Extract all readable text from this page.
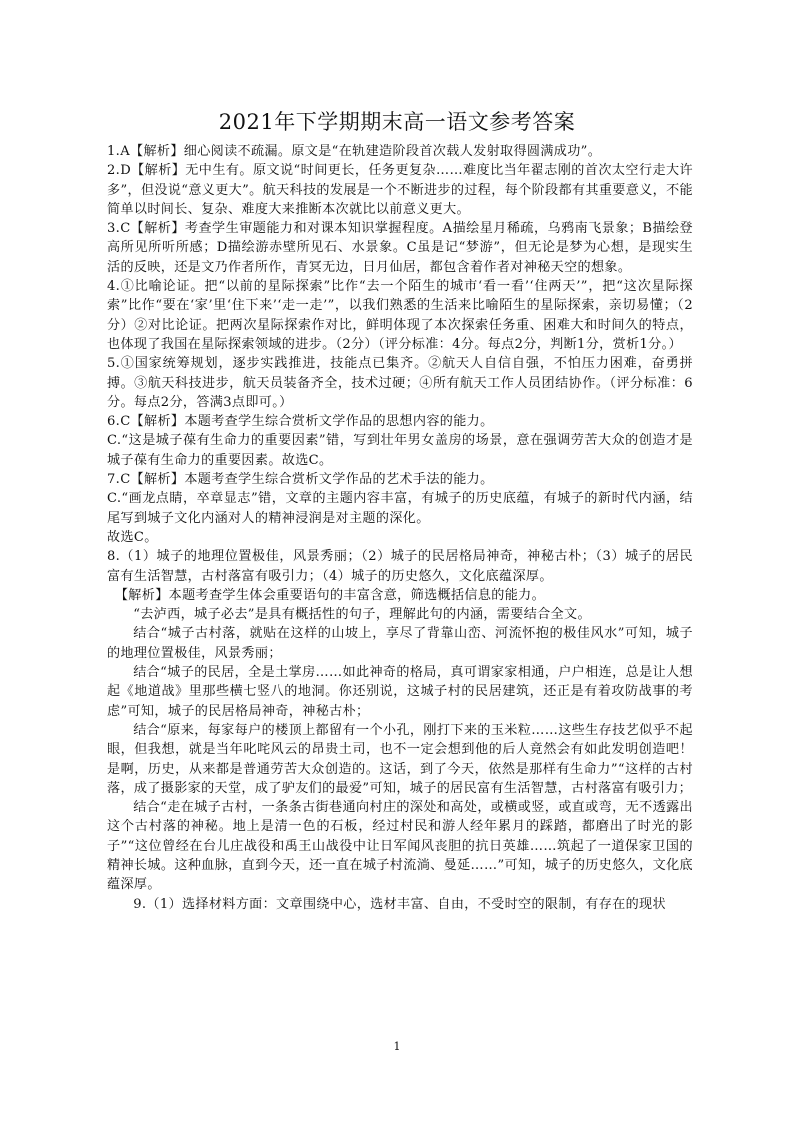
2021年下学期期末高一语文参考答案

1.A【解析】细心阅读不疏漏。原文是“在轨建造阶段首次载人发射取得圆满成功”。

2.D【解析】无中生有。原文说“时间更长，任务更复杂……难度比当年翟志刚的首次太空行走大许多”，但没说“意义更大”。航天科技的发展是一个不断进步的过程，每个阶段都有其重要意义，不能简单以时间长、复杂、难度大来推断本次就比以前意义更大。

3.C【解析】考查学生审题能力和对课本知识掌握程度。A描绘星月稀疏，乌鸦南飞景象；B描绘登高所见所听所感；D描绘游赤壁所见石、水景象。C虽是记“梦游”，但无论是梦为心想，是现实生活的反映，还是文乃作者所作，青冥无边，日月仙居，都包含着作者对神秘天空的想象。

4.①比喻论证。把“以前的星际探索”比作“去一个陌生的城市‘看一看’‘住两天’”，把“这次星际探索”比作“要在‘家’里‘住下来’‘走一走’”，以我们熟悉的生活来比喻陌生的星际探索，亲切易懂；（2分）②对比论证。把两次星际探索作对比，鲜明体现了本次探索任务重、困难大和时间久的特点，也体现了我国在星际探索领域的进步。（2分）（评分标准：4分。每点2分，判断1分，赏析1分。）

5.①国家统筹规划，逐步实践推进，技能点已集齐。②航天人自信自强，不怕压力困难，奋勇拼搏。③航天科技进步，航天员装备齐全，技术过硬；④所有航天工作人员团结协作。（评分标准：6分。每点2分，答满3点即可。）

6.C【解析】本题考查学生综合赏析文学作品的思想内容的能力。

C.“这是城子葆有生命力的重要因素”错，写到壮年男女盖房的场景，意在强调劳苦大众的创造才是城子葆有生命力的重要因素。故选C。

7.C【解析】本题考查学生综合赏析文学作品的艺术手法的能力。

C.“画龙点睛，卒章显志”错，文章的主题内容丰富，有城子的历史底蕴，有城子的新时代内涵，结尾写到城子文化内涵对人的精神浸润是对主题的深化。

故选C。

8.（1）城子的地理位置极佳，风景秀丽；（2）城子的民居格局神奇，神秘古朴；（3）城子的居民富有生活智慧，古村落富有吸引力；（4）城子的历史悠久，文化底蕴深厚。

【解析】本题考查学生体会重要语句的丰富含意，筛选概括信息的能力。

“去泸西，城子必去”是具有概括性的句子，理解此句的内涵，需要结合全文。

结合“城子古村落，就贴在这样的山坡上，享尽了背靠山峦、河流怀抱的极佳风水”可知，城子的地理位置极佳，风景秀丽；

结合“城子的民居，全是土掌房……如此神奇的格局，真可谓家家相通，户户相连，总是让人想起《地道战》里那些横七竖八的地洞。你还别说，这城子村的民居建筑，还正是有着攻防战事的考虑”可知，城子的民居格局神奇，神秘古朴；

结合“原来，每家每户的楼顶上都留有一个小孔，刚打下来的玉米粒……这些生存技艺似乎不起眼，但我想，就是当年叱咤风云的昂贵土司，也不一定会想到他的后人竟然会有如此发明创造吧！是啊，历史，从来都是普通劳苦大众创造的。这话，到了今天，依然是那样有生命力”“这样的古村落，成了摄影家的天堂，成了驴友们的最爱”可知，城子的居民富有生活智慧，古村落富有吸引力；

结合“走在城子古村，一条条古街巷通向村庄的深处和高处，或横或竖，或直或弯，无不透露出这个古村落的神秘。地上是清一色的石板，经过村民和游人经年累月的踩踏，都磨出了时光的影子”“这位曾经在台儿庄战役和禹王山战役中让日军闻风丧胆的抗日英雄……筑起了一道保家卫国的精神长城。这种血脉，直到今天，还一直在城子村流淌、曼延……”可知，城子的历史悠久，文化底蕴深厚。

9.（1）选择材料方面：文章围绕中心，选材丰富、自由，不受时空的限制，有存在的现状

1
